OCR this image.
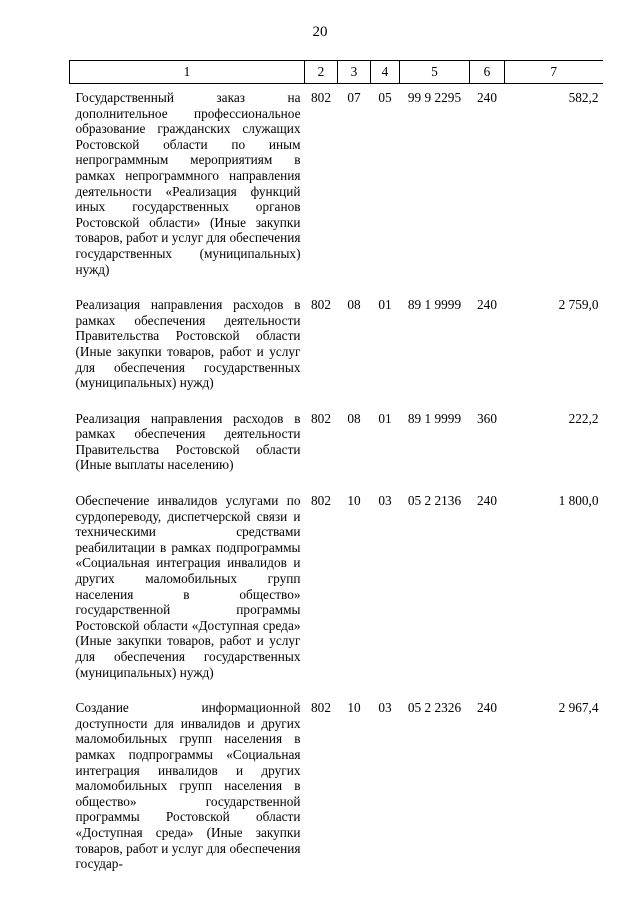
20
1	2	3	4	5	6	7
Государственный заказ на дополнительное профессиональное образование гражданских служащих Ростовской области по иным непрограммным мероприятиям в рамках непрограммного направления деятельности «Реализация функций иных государственных органов Ростовской области» (Иные закупки товаров, работ и услуг для обеспечения государственных (муниципальных) нужд)	802	07	05	99 9 2295	240	582,2
Реализация направления расходов в рамках обеспечения деятельности Правительства Ростовской области (Иные закупки товаров, работ и услуг для обеспечения государственных (муниципальных) нужд)	802	08	01	89 1 9999	240	2 759,0
Реализация направления расходов в рамках обеспечения деятельности Правительства Ростовской области (Иные выплаты населению)	802	08	01	89 1 9999	360	222,2
Обеспечение инвалидов услугами по сурдопереводу, диспетчерской связи и техническими средствами реабилитации в рамках подпрограммы «Социальная интеграция инвалидов и других маломобильных групп населения в общество» государственной программы Ростовской области «Доступная среда» (Иные закупки товаров, работ и услуг для обеспечения государственных (муниципальных) нужд)	802	10	03	05 2 2136	240	1 800,0
Создание информационной доступности для инвалидов и других маломобильных групп населения в рамках подпрограммы «Социальная интеграция инвалидов и других маломобильных групп населения в общество» государственной программы Ростовской области «Доступная среда» (Иные закупки товаров, работ и услуг для обеспечения государ-	802	10	03	05 2 2326	240	2 967,4
